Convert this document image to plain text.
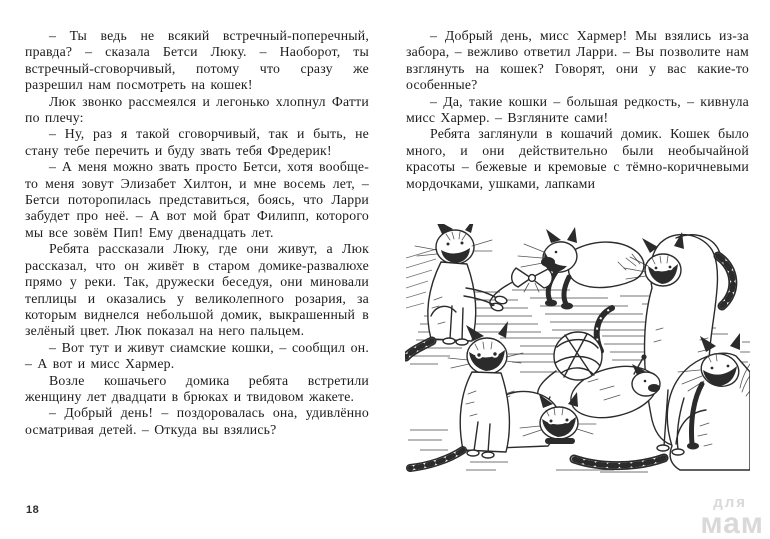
– Ты ведь не всякий встречный-поперечный, правда? – сказала Бетси Люку. – Наоборот, ты встречный-сговорчивый, потому что сразу же разрешил нам посмотреть на кошек!

Люк звонко рассмеялся и легонько хлопнул Фатти по плечу:

– Ну, раз я такой сговорчивый, так и быть, не стану тебе перечить и буду звать тебя Фредерик!

– А меня можно звать просто Бетси, хотя вообще-то меня зовут Элизабет Хилтон, и мне восемь лет, – Бетси поторопилась представиться, боясь, что Ларри забудет про неё. – А вот мой брат Филипп, которого мы все зовём Пип! Ему двенадцать лет.

Ребята рассказали Люку, где они живут, а Люк рассказал, что он живёт в старом домике-развалюхе прямо у реки. Так, дружески беседуя, они миновали теплицы и оказались у великолепного розария, за которым виднелся небольшой домик, выкрашенный в зелёный цвет. Люк показал на него пальцем.

– Вот тут и живут сиамские кошки, – сообщил он. – А вот и мисс Хармер.

Возле кошачьего домика ребята встретили женщину лет двадцати в брюках и твидовом жакете.

– Добрый день! – поздоровалась она, удивлённо осматривая детей. – Откуда вы взялись?

– Добрый день, мисс Хармер! Мы взялись из-за забора, – вежливо ответил Ларри. – Вы позволите нам взглянуть на кошек? Говорят, они у вас какие-то особенные?

– Да, такие кошки – большая редкость, – кивнула мисс Хармер. – Взгляните сами!

Ребята заглянули в кошачий домик. Кошек было много, и они действительно были необычайной красоты – бежевые и кремовые с тёмно-коричневыми мордочками, ушками, лапками

18	для
мам
